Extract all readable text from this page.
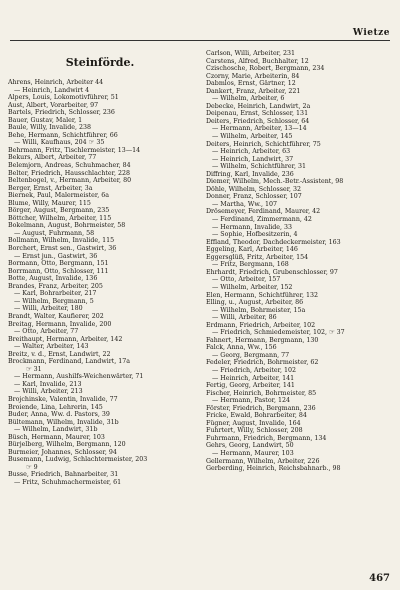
Wietze
Steinförde.
Ahrens, Heinrich, Arbeiter 44
— Heinrich, Landwirt 4
Alpers, Louis, Lokomotivführer, 51
Aust, Albert, Vorarbeiter, 97
Bartels, Friedrich, Schlosser, 236
Bauer, Gustav, Maler, 1
Baule, Willy, Invalide, 238
Behe, Hermann, Schichtführer, 66
— Willi, Kaufhaus, 204 ☞ 35
Behrmann, Fritz, Tischlermeister, 13—14
Bekurs, Albert, Arbeiter, 77
Belemjorn, Andreas, Schuhmacher, 84
Belter, Friedrich, Hausschlachter, 228
Beltenbogel, v., Hermann, Arbeiter, 80
Berger, Ernst, Arbeiter, 3a
Biernek, Paul, Malermeister, 6a
Blume, Willy, Maurer, 115
Börger, August, Bergmann, 235
Böttcher, Wilhelm, Arbeiter, 115
Bokelmann, August, Bohrmeister, 58
— August, Fuhrmann, 58
Bollmann, Wilhelm, Invalide, 115
Borchert, Ernst sen., Gastwirt, 36
— Ernst jun., Gastwirt, 36
Bormann, Otto, Bergmann, 151
Borrmann, Otto, Schlosser, 111
Botte, August, Invalide, 136
Brandes, Franz, Arbeiter, 205
— Karl, Bohrarbeiter, 217
— Wilhelm, Bergmann, 5
— Willi, Arbeiter, 180
Brandt, Walter, Kaufierer, 202
Breitag, Hermann, Invalide, 200
— Otto, Arbeiter, 77
Breithaupt, Hermann, Arbeiter, 142
— Walter, Arbeiter, 143
Breitz, v. d., Ernst, Landwirt, 22
Brockmann, Ferdinand, Landwirt, 17a
☞ 31
— Hermann, Aushilfs-Weichenwärter, 71
— Karl, Invalide, 213
— Willi, Arbeiter, 213
Brojchinske, Valentin, Invalide, 77
Broiende, Lina, Lehrerin, 145
Buder, Anna, Ww. d. Pastors, 39
Bültemann, Wilhelm, Invalide, 31b
— Wilhelm, Landwirt, 31b
Büsch, Hermann, Maurer, 103
Bürjelberg, Wilhelm, Bergmann, 120
Burmeier, Johannes, Schlosser, 94
Busemann, Ludwig, Schlachtermeister, 203
☞ 9
Busse, Friedrich, Bahnarbeiter, 31
— Fritz, Schuhmachermeister, 61
Carlson, Willi, Arbeiter, 231
Carstens, Alfred, Buchhalter, 12
Czischosche, Robert, Bergmann, 234
Czorny, Marie, Arbeiterin, 84
Dabmlos, Ernst, Gärtner, 12
Dankert, Franz, Arbeiter, 221
— Wilhelm, Arbeiter, 6
Debecke, Heinrich, Landwirt, 2a
Deipenau, Ernst, Schlosser, 131
Deiters, Friedrich, Schlosser, 64
— Hermann, Arbeiter, 13—14
— Wilhelm, Arbeiter, 145
Deiters, Heinrich, Schichtführer, 75
— Heinrich, Arbeiter, 63
— Heinrich, Landwirt, 37
— Wilhelm, Schichtführer, 31
Diffring, Karl, Invalide, 236
Diemer, Wilhelm, Mech.-Betr.-Assistent, 98
Döhle, Wilhelm, Schlosser, 32
Donner, Franz, Schlosser, 107
— Martha, Ww., 107
Drösemeyer, Ferdinand, Maurer, 42
— Ferdinand, Zimmermann, 42
— Hermann, Invalide, 33
— Sophie, Hofbesitzerin, 4
Effland, Theodor, Dachdeckermeister, 163
Eggeling, Karl, Arbeiter, 146
Eggersglüß, Fritz, Arbeiter, 154
— Fritz, Bergmann, 168
Ehrhardt, Friedrich, Grubenschlosser, 97
— Otto, Arbeiter, 157
— Wilhelm, Arbeiter, 152
Elen, Hermann, Schichtführer, 132
Elling, u., August, Arbeiter, 86
— Wilhelm, Bohrmeister, 15a
— Willi, Arbeiter, 86
Erdmann, Friedrich, Arbeiter, 102
— Friedrich, Schmiedemeister, 102, ☞ 37
Fahnert, Hermann, Bergmann, 130
Falck, Anna, Ww., 156
— Georg, Bergmann, 77
Fedeler, Friedrich, Bohrmeister, 62
— Friedrich, Arbeiter, 102
— Heinrich, Arbeiter, 141
Fertig, Georg, Arbeiter, 141
Fischer, Heinrich, Bohrmeister, 85
— Hermann, Pastor, 124
Förster, Friedrich, Bergmann, 236
Fricke, Ewald, Bohrarbeiter, 84
Fügner, August, Invalide, 164
Fuhrtert, Willy, Schlosser, 208
Fuhrmann, Friedrich, Bergmann, 134
Gehrs, Georg, Landwirt, 50
— Hermann, Maurer, 103
Gellermann, Wilhelm, Arbeiter, 226
Gerberding, Heinrich, Reichsbahnarb., 98
467
